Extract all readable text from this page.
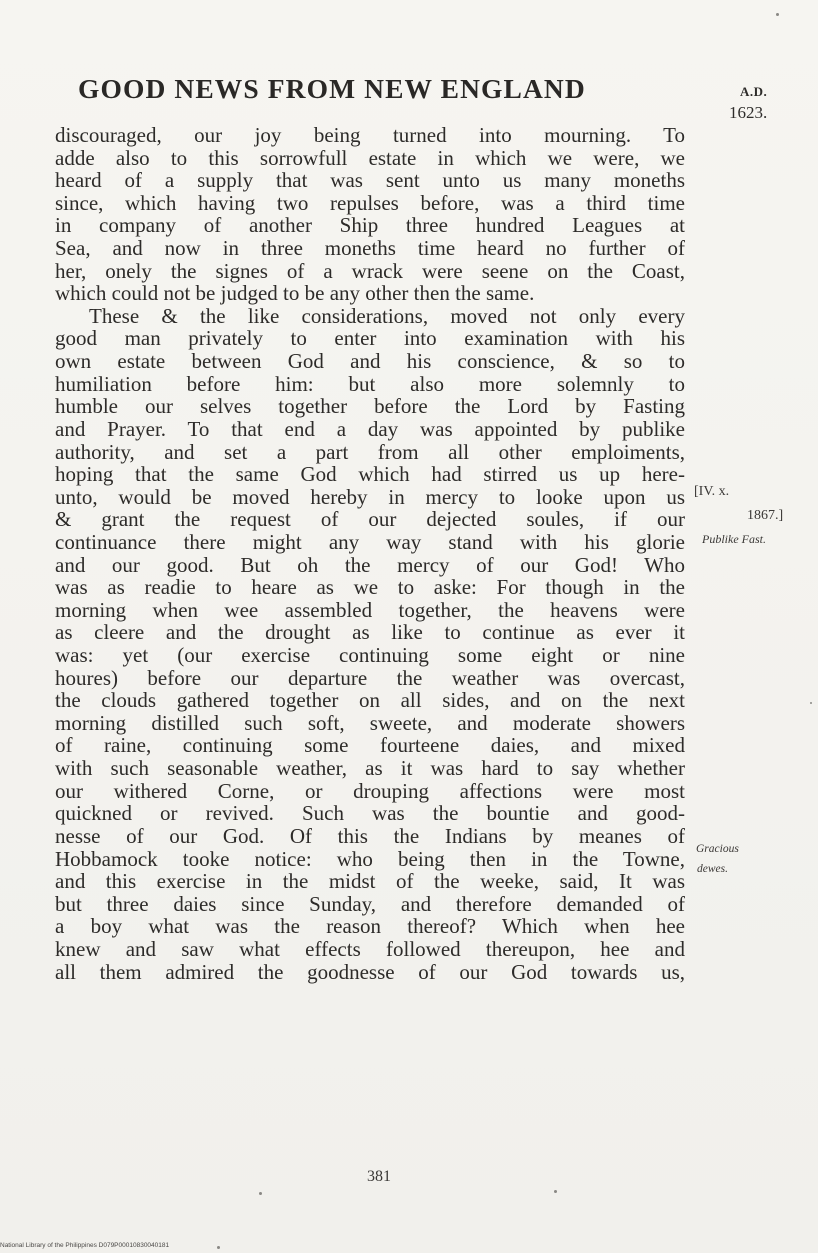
GOOD NEWS FROM NEW ENGLAND	A.D.
1623.
discouraged, our joy being turned into mourning. To
adde also to this sorrowfull estate in which we were, we
heard of a supply that was sent unto us many moneths
since, which having two repulses before, was a third time
in company of another Ship three hundred Leagues at
Sea, and now in three moneths time heard no further of
her, onely the signes of a wrack were seene on the Coast,
which could not be judged to be any other then the same.
These & the like considerations, moved not only every
good man privately to enter into examination with his
own estate between God and his conscience, & so to
humiliation before him: but also more solemnly to
humble our selves together before the Lord by Fasting
and Prayer. To that end a day was appointed by publike
authority, and set a part from all other emploiments,
hoping that the same God which had stirred us up here-
unto, would be moved hereby in mercy to looke upon us
& grant the request of our dejected soules, if our
continuance there might any way stand with his glorie
and our good. But oh the mercy of our God! Who
was as readie to heare as we to aske: For though in the
morning when wee assembled together, the heavens were
as cleere and the drought as like to continue as ever it
was: yet (our exercise continuing some eight or nine
houres) before our departure the weather was overcast,
the clouds gathered together on all sides, and on the next
morning distilled such soft, sweete, and moderate showers
of raine, continuing some fourteene daies, and mixed
with such seasonable weather, as it was hard to say whether
our withered Corne, or drouping affections were most
quickned or revived. Such was the bountie and good-
nesse of our God. Of this the Indians by meanes of
Hobbamock tooke notice: who being then in the Towne,
and this exercise in the midst of the weeke, said, It was
but three daies since Sunday, and therefore demanded of
a boy what was the reason thereof? Which when hee
knew and saw what effects followed thereupon, hee and
all them admired the goodnesse of our God towards us,
[IV. x.
1867.]
Publike Fast.
Gracious
dewes.
381
National Library of the Philippines D079P00010830040181
